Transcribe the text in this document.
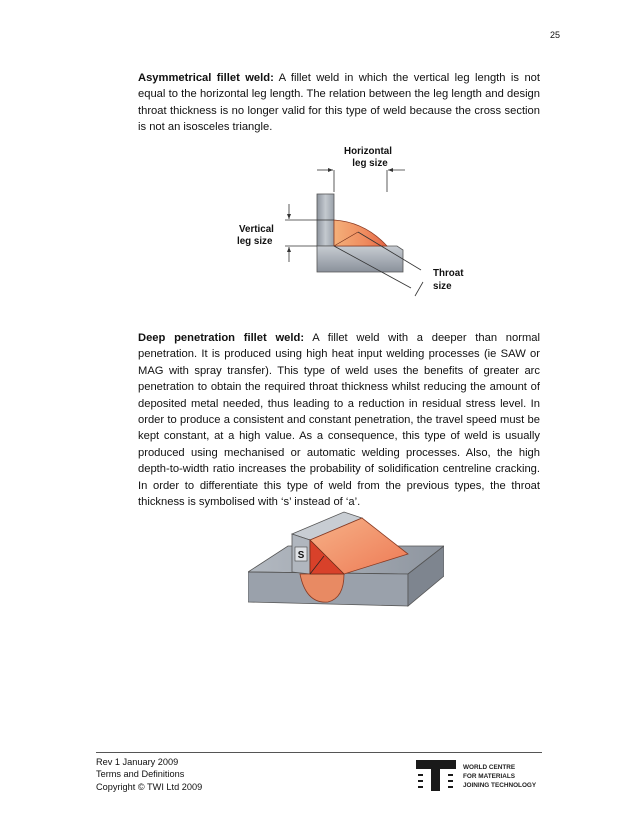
25

Asymmetrical fillet weld: A fillet weld in which the vertical leg length is not equal to the horizontal leg length. The relation between the leg length and design throat thickness is no longer valid for this type of weld because the cross section is not an isosceles triangle.

Horizontal
leg size
Vertical
leg size
Throat
size

Deep penetration fillet weld: A fillet weld with a deeper than normal penetration. It is produced using high heat input welding processes (ie SAW or MAG with spray transfer). This type of weld uses the benefits of greater arc penetration to obtain the required throat thickness whilst reducing the amount of deposited metal needed, thus leading to a reduction in residual stress level. In order to produce a consistent and constant penetration, the travel speed must be kept constant, at a high value. As a consequence, this type of weld is usually produced using mechanised or automatic welding processes. Also, the high depth-to-width ratio increases the probability of solidification centreline cracking. In order to differentiate this type of weld from the previous types, the throat thickness is symbolised with ‘s’ instead of ‘a’.

S
Rev 1 January 2009
Terms and Definitions
Copyright © TWI Ltd 2009
WORLD CENTRE
FOR MATERIALS
JOINING TECHNOLOGY
